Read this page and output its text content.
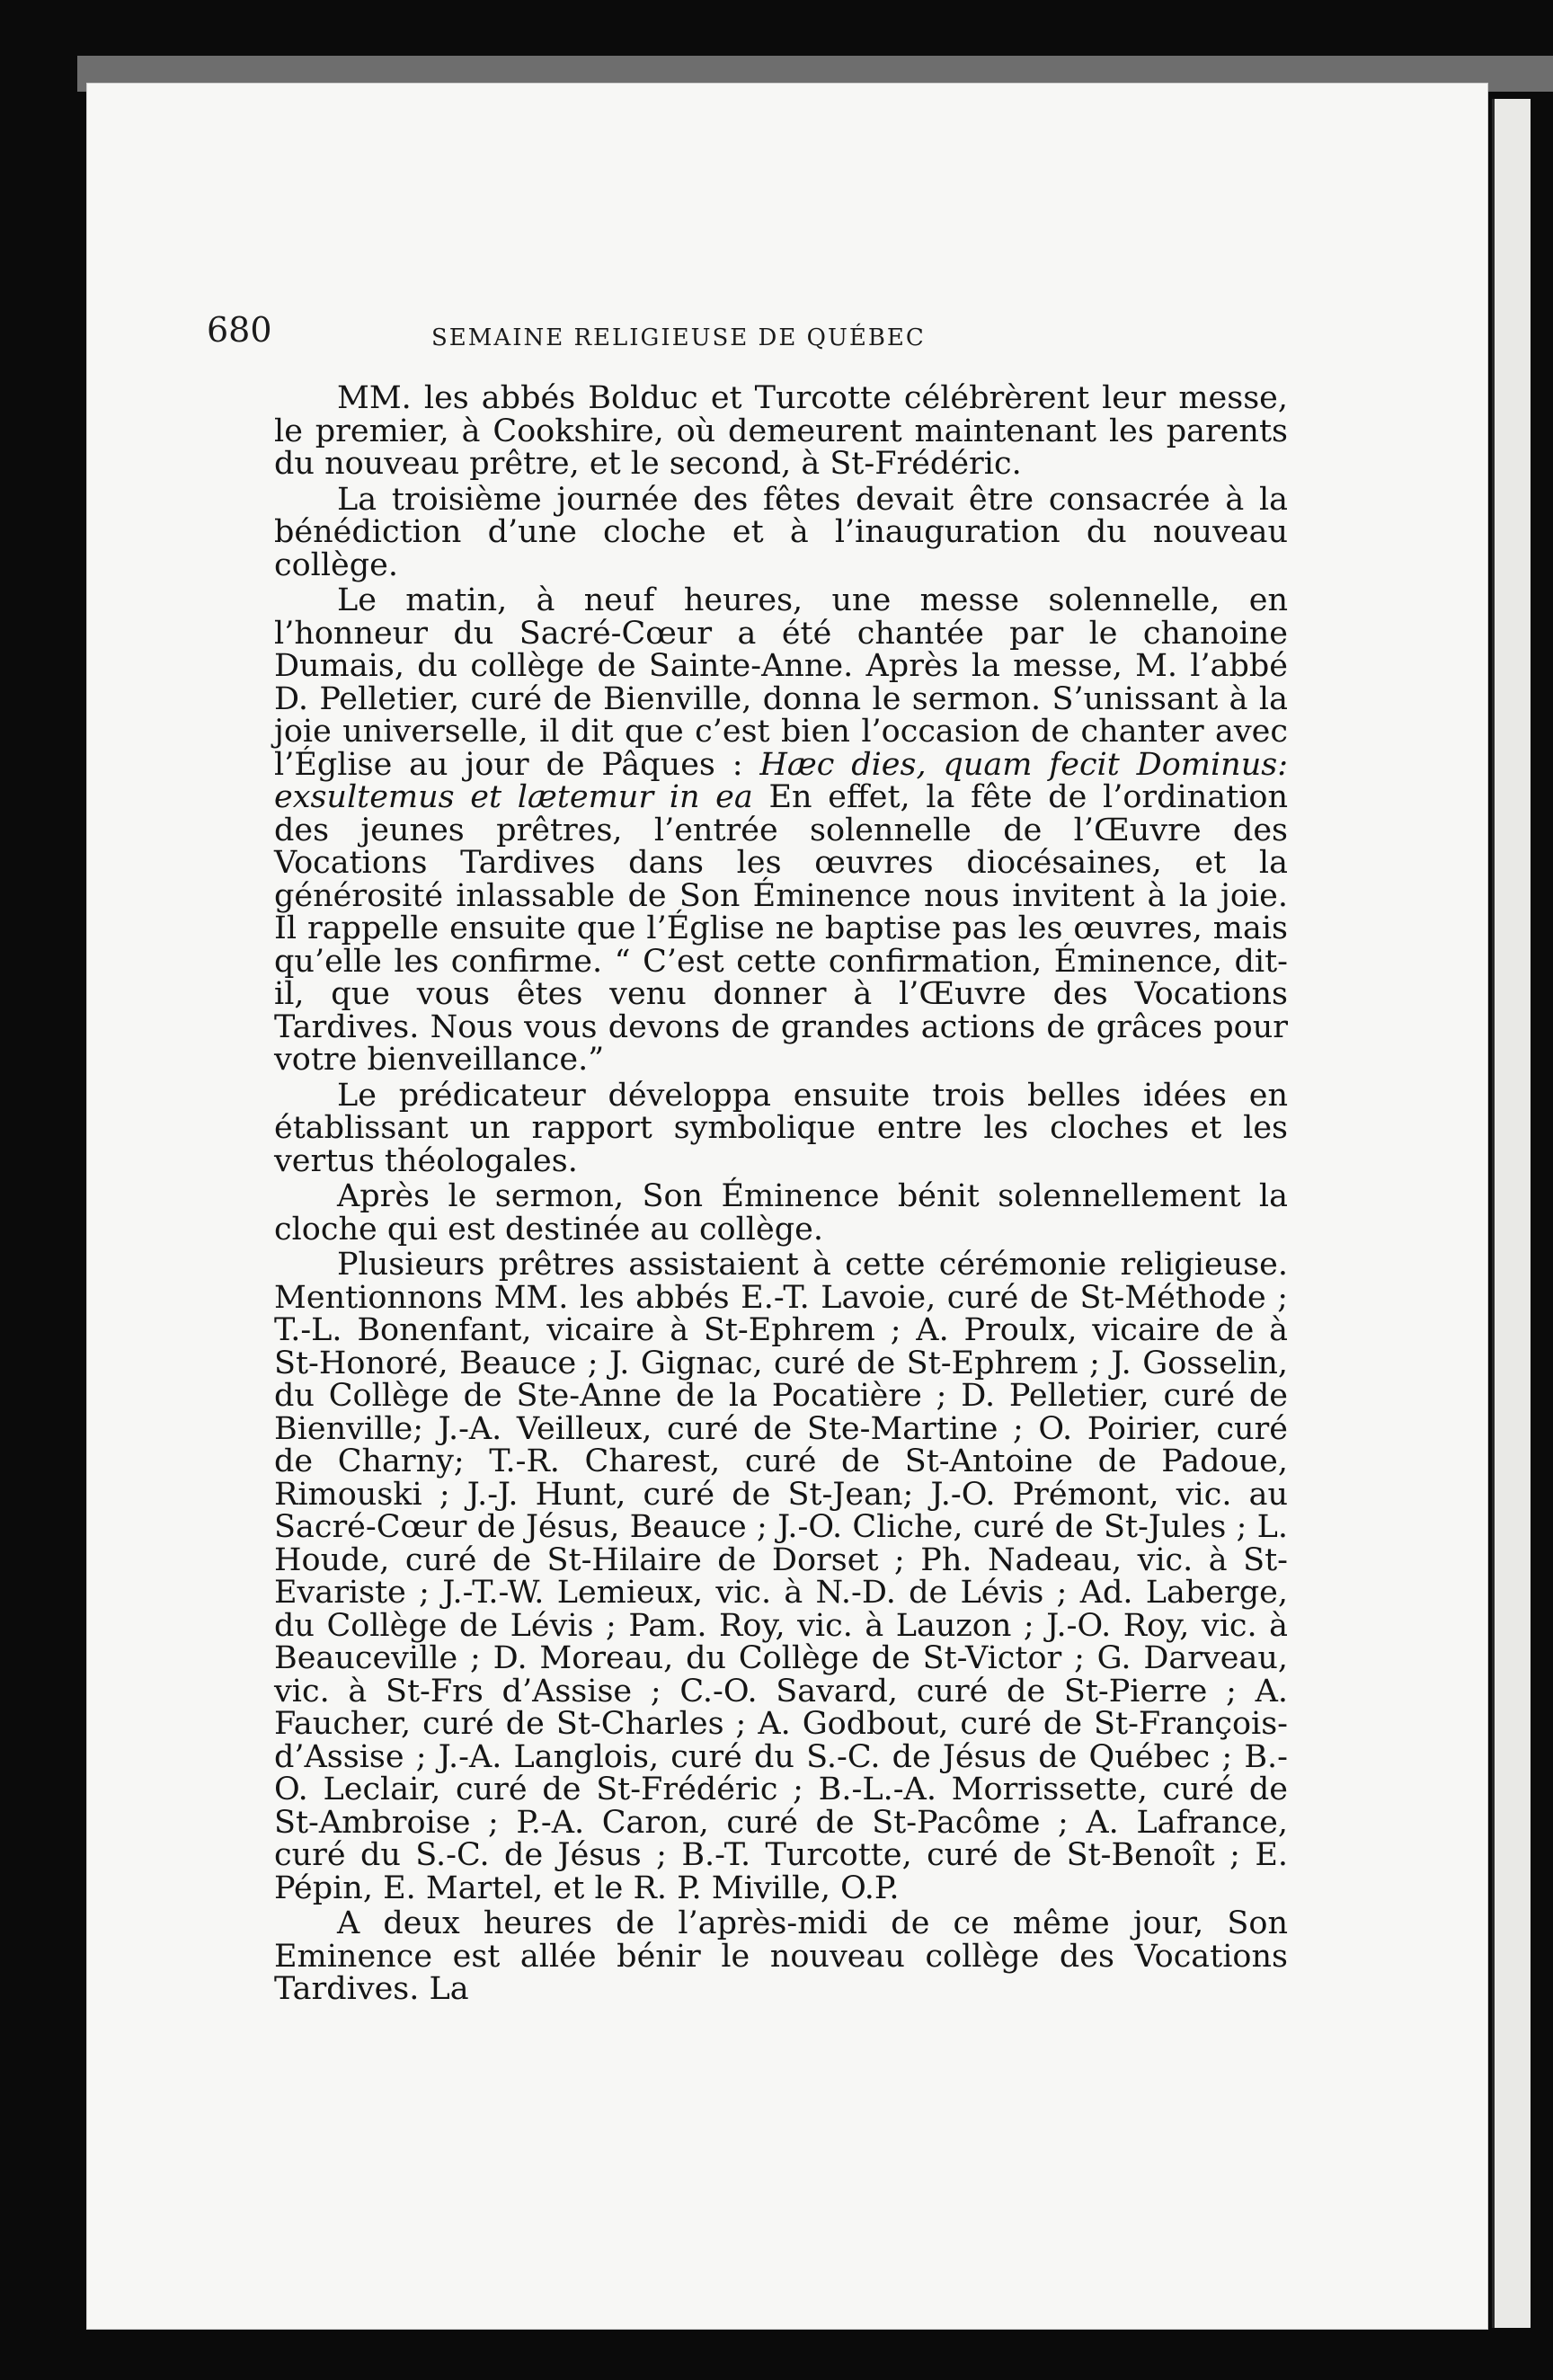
680	SEMAINE RELIGIEUSE DE QUÉBEC

MM. les abbés Bolduc et Turcotte célébrèrent leur messe, le premier, à Cookshire, où demeurent maintenant les parents du nouveau prêtre, et le second, à St-Frédéric.

La troisième journée des fêtes devait être consacrée à la bénédiction d’une cloche et à l’inauguration du nouveau collège.

Le matin, à neuf heures, une messe solennelle, en l’honneur du Sacré-Cœur a été chantée par le chanoine Dumais, du collège de Sainte-Anne. Après la messe, M. l’abbé D. Pelletier, curé de Bienville, donna le sermon. S’unissant à la joie universelle, il dit que c’est bien l’occasion de chanter avec l’Église au jour de Pâques : Hæc dies, quam fecit Dominus: exsultemus et lætemur in ea En effet, la fête de l’ordination des jeunes prêtres, l’entrée solennelle de l’Œuvre des Vocations Tardives dans les œuvres diocésaines, et la générosité inlassable de Son Éminence nous invitent à la joie. Il rappelle ensuite que l’Église ne baptise pas les œuvres, mais qu’elle les confirme. “ C’est cette confirmation, Éminence, dit-il, que vous êtes venu donner à l’Œuvre des Vocations Tardives. Nous vous devons de grandes actions de grâces pour votre bienveillance.”

Le prédicateur développa ensuite trois belles idées en établissant un rapport symbolique entre les cloches et les vertus théologales.

Après le sermon, Son Éminence bénit solennellement la cloche qui est destinée au collège.

Plusieurs prêtres assistaient à cette cérémonie religieuse. Mentionnons MM. les abbés E.-T. Lavoie, curé de St-Méthode ; T.-L. Bonenfant, vicaire à St-Ephrem ; A. Proulx, vicaire de à St-Honoré, Beauce ; J. Gignac, curé de St-Ephrem ; J. Gosselin, du Collège de Ste-Anne de la Pocatière ; D. Pelletier, curé de Bienville; J.-A. Veilleux, curé de Ste-Martine ; O. Poirier, curé de Charny; T.-R. Charest, curé de St-Antoine de Padoue, Rimouski ; J.-J. Hunt, curé de St-Jean; J.-O. Prémont, vic. au Sacré-Cœur de Jésus, Beauce ; J.-O. Cliche, curé de St-Jules ; L. Houde, curé de St-Hilaire de Dorset ; Ph. Nadeau, vic. à St-Evariste ; J.-T.-W. Lemieux, vic. à N.-D. de Lévis ; Ad. Laberge, du Collège de Lévis ; Pam. Roy, vic. à Lauzon ; J.-O. Roy, vic. à Beauceville ; D. Moreau, du Collège de St-Victor ; G. Darveau, vic. à St-Frs d’Assise ; C.-O. Savard, curé de St-Pierre ; A. Faucher, curé de St-Charles ; A. Godbout, curé de St-François-d’Assise ; J.-A. Langlois, curé du S.-C. de Jésus de Québec ; B.-O. Leclair, curé de St-Frédéric ; B.-L.-A. Morrissette, curé de St-Ambroise ; P.-A. Caron, curé de St-Pacôme ; A. Lafrance, curé du S.-C. de Jésus ; B.-T. Turcotte, curé de St-Benoît ; E. Pépin, E. Martel, et le R. P. Miville, O.P.

A deux heures de l’après-midi de ce même jour, Son Eminence est allée bénir le nouveau collège des Vocations Tardives. La
